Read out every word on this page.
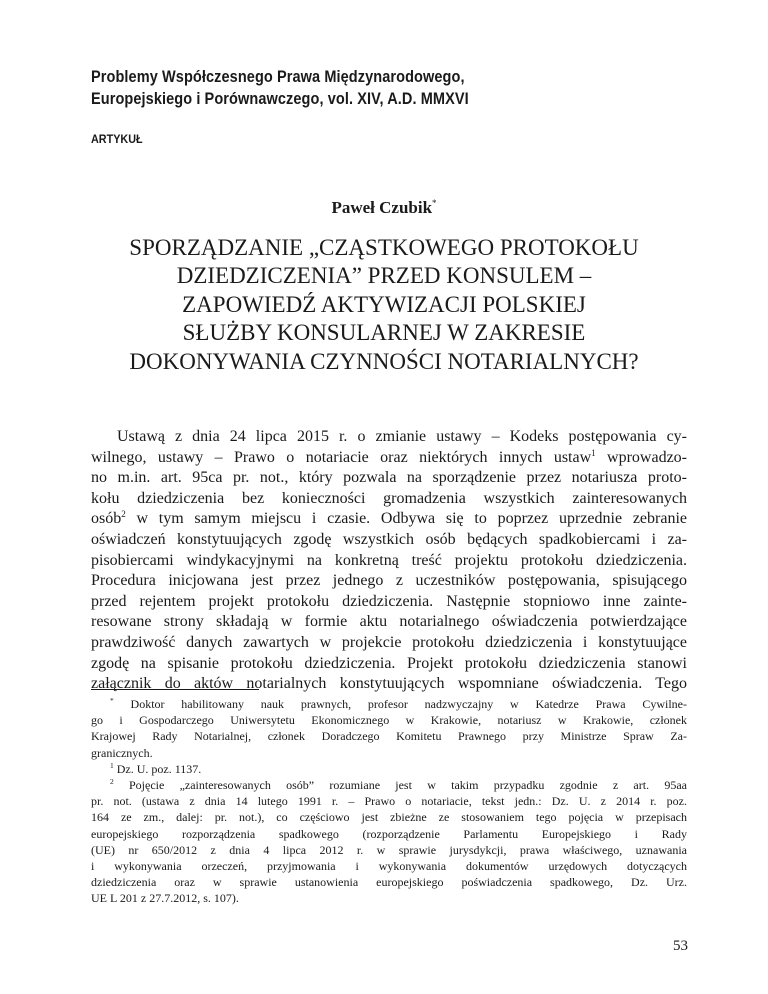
Problemy Współczesnego Prawa Międzynarodowego,
Europejskiego i Porównawczego, vol. XIV, A.D. MMXVI
ARTYKUŁ
Paweł Czubik*
SPORZĄDZANIE „CZĄSTKOWEGO PROTOKOŁU
DZIEDZICZENIA” PRZED KONSULEM –
ZAPOWIEDŹ AKTYWIZACJI POLSKIEJ
SŁUŻBY KONSULARNEJ W ZAKRESIE
DOKONYWANIA CZYNNOŚCI NOTARIALNYCH?
Ustawą z dnia 24 lipca 2015 r. o zmianie ustawy – Kodeks postępowania cy-
wilnego, ustawy – Prawo o notariacie oraz niektórych innych ustaw$^1$ wprowadzo-
no m.in. art. 95ca pr. not., który pozwala na sporządzenie przez notariusza proto-
kołu dziedziczenia bez konieczności gromadzenia wszystkich zainteresowanych
osób$^2$ w tym samym miejscu i czasie. Odbywa się to poprzez uprzednie zebranie
oświadczeń konstytuujących zgodę wszystkich osób będących spadkobiercami i za-
pisobiercami windykacyjnymi na konkretną treść projektu protokołu dziedziczenia.
Procedura inicjowana jest przez jednego z uczestników postępowania, spisującego
przed rejentem projekt protokołu dziedziczenia. Następnie stopniowo inne zainte-
resowane strony składają w formie aktu notarialnego oświadczenia potwierdzające
prawdziwość danych zawartych w projekcie protokołu dziedziczenia i konstytuujące
zgodę na spisanie protokołu dziedziczenia. Projekt protokołu dziedziczenia stanowi
załącznik do aktów notarialnych konstytuujących wspomniane oświadczenia. Tego
* Doktor habilitowany nauk prawnych, profesor nadzwyczajny w Katedrze Prawa Cywilne-
go i Gospodarczego Uniwersytetu Ekonomicznego w Krakowie, notariusz w Krakowie, członek
Krajowej Rady Notarialnej, członek Doradczego Komitetu Prawnego przy Ministrze Spraw Za-
granicznych.
$^1$ Dz. U. poz. 1137.
$^2$ Pojęcie „zainteresowanych osób” rozumiane jest w takim przypadku zgodnie z art. 95aa
pr. not. (ustawa z dnia 14 lutego 1991 r. – Prawo o notariacie, tekst jedn.: Dz. U. z 2014 r. poz.
164 ze zm., dalej: pr. not.), co częściowo jest zbieżne ze stosowaniem tego pojęcia w przepisach
europejskiego rozporządzenia spadkowego (rozporządzenie Parlamentu Europejskiego i Rady
(UE) nr 650/2012 z dnia 4 lipca 2012 r. w sprawie jurysdykcji, prawa właściwego, uznawania
i wykonywania orzeczeń, przyjmowania i wykonywania dokumentów urzędowych dotyczących
dziedziczenia oraz w sprawie ustanowienia europejskiego poświadczenia spadkowego, Dz. Urz.
UE L 201 z 27.7.2012, s. 107).
53
